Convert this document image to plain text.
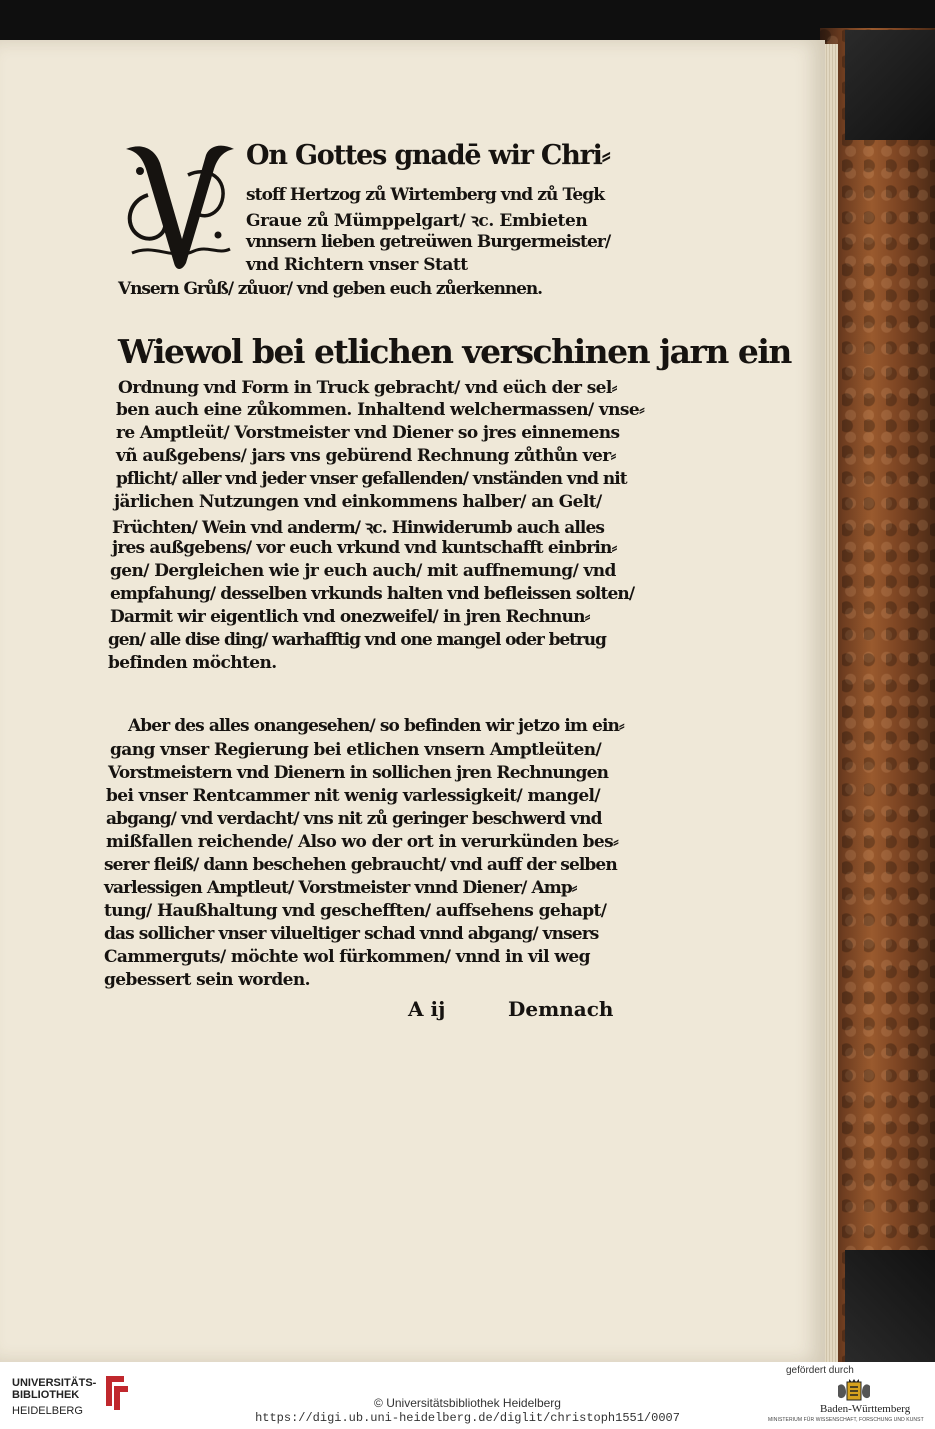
On Gottes gnadē wir Chri⸗
stoff Hertzog zů Wirtemberg vnd zů Tegk
Graue zů Mümppelgart/ ꝛc. Embieten
vnnsern lieben getreüwen Burgermeister/
vnd Richtern vnser Statt
Vnsern Grůß/ zůuor/ vnd geben euch zůerkennen.
Wiewol bei etlichen verschinen jarn ein
Ordnung vnd Form in Truck gebracht/ vnd eüch der sel⸗
ben auch eine zůkommen. Inhaltend welchermassen/ vnse⸗
re Amptleüt/ Vorstmeister vnd Diener so jres einnemens
vñ außgebens/ jars vns gebürend Rechnung zůthůn ver⸗
pflicht/ aller vnd jeder vnser gefallenden/ vnständen vnd nit
järlichen Nutzungen vnd einkommens halber/ an Gelt/
Früchten/ Wein vnd anderm/ ꝛc. Hinwiderumb auch alles
jres außgebens/ vor euch vrkund vnd kuntschafft einbrin⸗
gen/ Dergleichen wie jr euch auch/ mit auffnemung/ vnd
empfahung/ desselben vrkunds halten vnd befleissen solten/
Darmit wir eigentlich vnd onezweifel/ in jren Rechnun⸗
gen/ alle dise ding/ warhafftig vnd one mangel oder betrug
befinden möchten.
Aber des alles onangesehen/ so befinden wir jetzo im ein⸗
gang vnser Regierung bei etlichen vnsern Amptleüten/
Vorstmeistern vnd Dienern in sollichen jren Rechnungen
bei vnser Rentcammer nit wenig varlessigkeit/ mangel/
abgang/ vnd verdacht/ vns nit zů geringer beschwerd vnd
mißfallen reichende/ Also wo der ort in verurkünden bes⸗
serer fleiß/ dann beschehen gebraucht/ vnd auff der selben
varlessigen Amptleut/ Vorstmeister vnnd Diener/ Amp⸗
tung/ Haußhaltung vnd geschefften/ auffsehens gehapt/
das sollicher vnser vilueltiger schad vnnd abgang/ vnsers
Cammerguts/ möchte wol fürkommen/ vnnd in vil weg
gebessert sein worden.
A ij	Demnach
UNIVERSITÄTS-
BIBLIOTHEK
HEIDELBERG
© Universitätsbibliothek Heidelberg
https://digi.ub.uni-heidelberg.de/diglit/christoph1551/0007
gefördert durch
Baden-Württemberg
MINISTERIUM FÜR WISSENSCHAFT, FORSCHUNG UND KUNST
